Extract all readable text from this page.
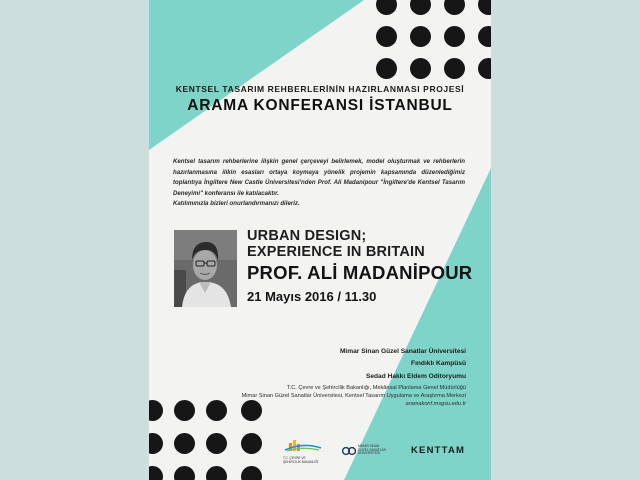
KENTSEL TASARIM REHBERLERİNİN HAZIRLANMASI PROJESİ
ARAMA KONFERANSI İSTANBUL

Kentsel tasarım rehberlerine ilişkin genel çerçeveyi belirlemek, model oluşturmak ve rehberlerin hazırlanmasına ilikin esasları ortaya koymaya yönelik projemin kapsamında düzenlediğimiz toplantıya İngiltere New Castle Üniversitesi'nden Prof. Ali Madanipour "İngiltere'de Kentsel Tasarım Deneyimi" konferansı ile katılacaktır.

Katılımınızla bizleri onurlandırmanızı dileriz.

URBAN DESIGN;
EXPERIENCE IN BRITAIN
PROF. ALİ MADANİPOUR
21 Mayıs 2016 / 11.30
Mimar Sinan Güzel Sanatlar Üniversitesi
Fındıklı Kampüsü
Sedad Hakkı Eldem Oditoryumu
T.C. Çevre ve Şehircilik Bakanlığı, Mekânsal Planlama Genel Müdürlüğü
Mimar Sinan Güzel Sanatlar Üniversitesi, Kentsel Tasarım Uygulama ve Araştırma Merkezi
aramakonf.msgsu.edu.tr
T.C. ÇEVRE VE ŞEHİRCİLİK BAKANLIĞI
MİMAR SİNAN
GÜZEL SANATLAR
ÜNİVERSİTESİ	KENTTAM
